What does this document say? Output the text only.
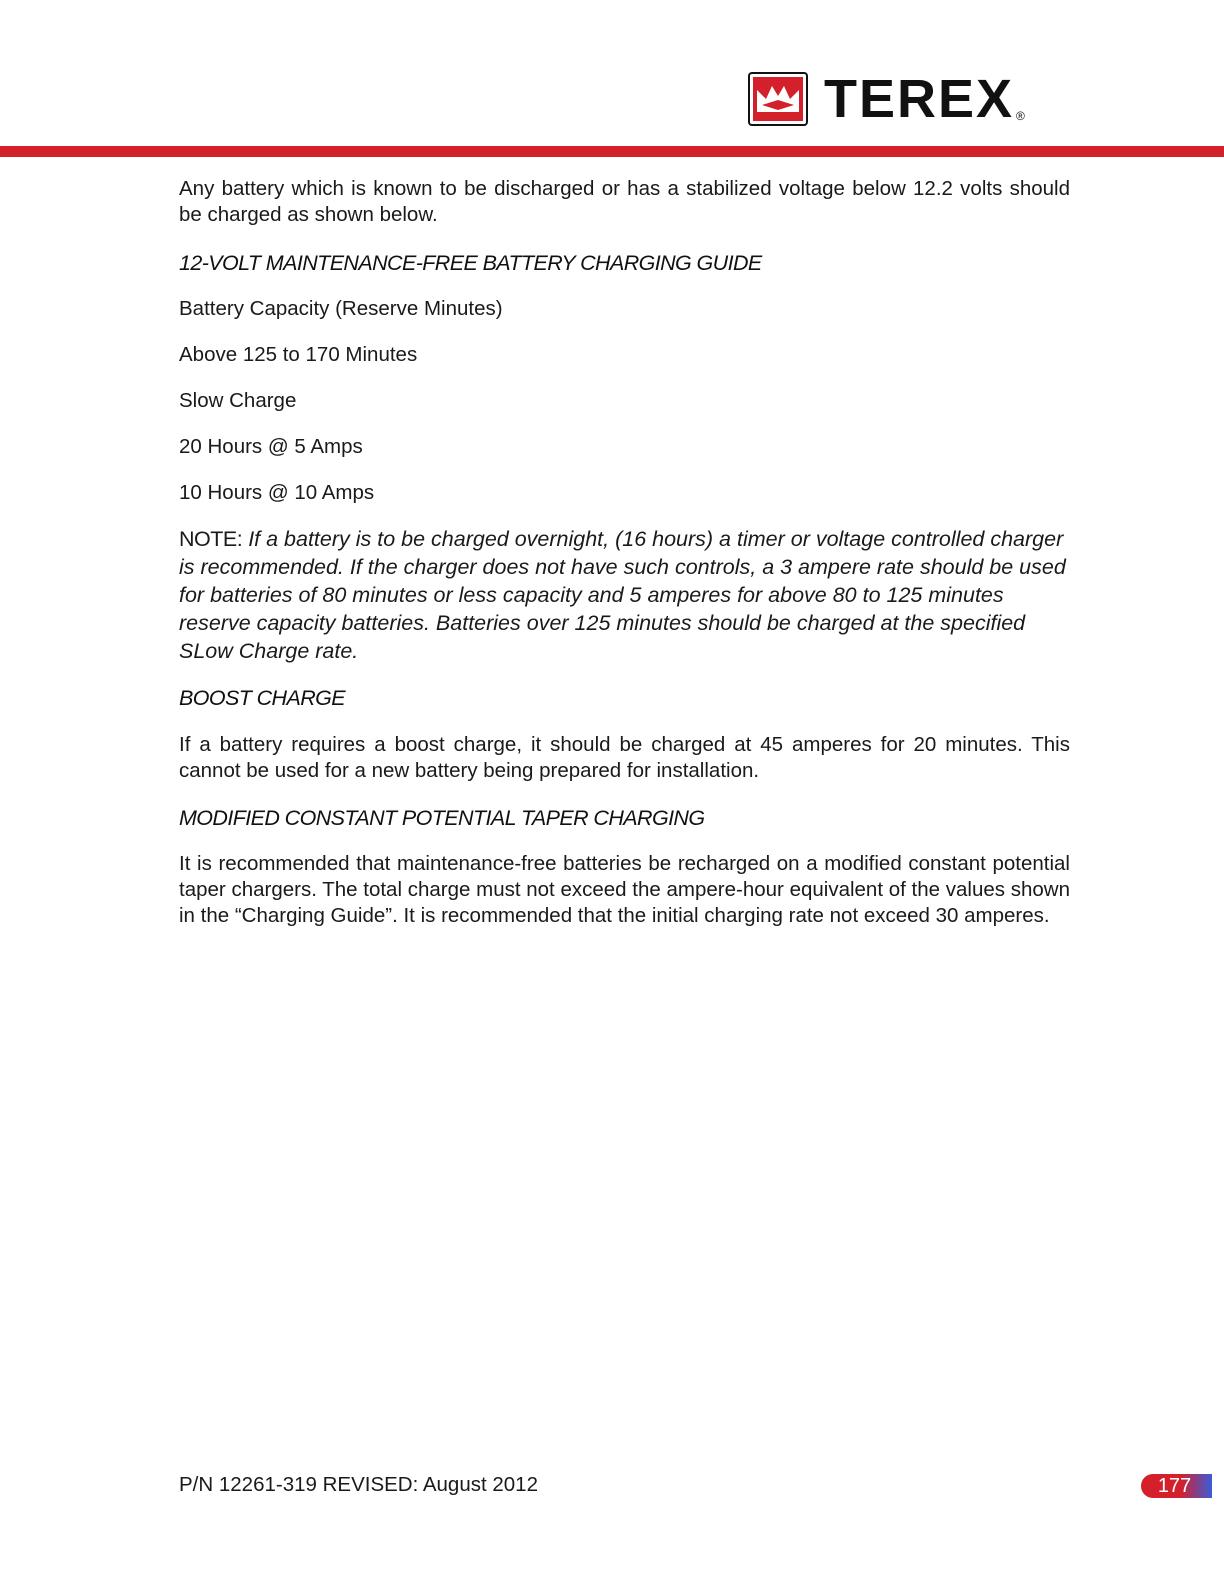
TEREX ®

Any battery which is known to be discharged or has a stabilized voltage below 12.2 volts should be charged as shown below.

12-VOLT MAINTENANCE-FREE BATTERY CHARGING GUIDE

Battery Capacity (Reserve Minutes)

Above 125 to 170 Minutes

Slow Charge

20 Hours @ 5 Amps

10 Hours @ 10 Amps

NOTE: If a battery is to be charged overnight, (16 hours) a timer or voltage controlled charger is recommended. If the charger does not have such controls, a 3 ampere rate should be used for batteries of 80 minutes or less capacity and 5 amperes for above 80 to 125 minutes reserve capacity batteries. Batteries over 125 minutes should be charged at the specified SLow Charge rate.

BOOST CHARGE

If a battery requires a boost charge, it should be charged at 45 amperes for 20 minutes. This cannot be used for a new battery being prepared for installation.

MODIFIED CONSTANT POTENTIAL TAPER CHARGING

It is recommended that maintenance-free batteries be recharged on a modified constant potential taper chargers. The total charge must not exceed the ampere-hour equivalent of the values shown in the “Charging Guide”. It is recommended that the initial charging rate not exceed 30 amperes.

P/N 12261-319 REVISED: August 2012	177
